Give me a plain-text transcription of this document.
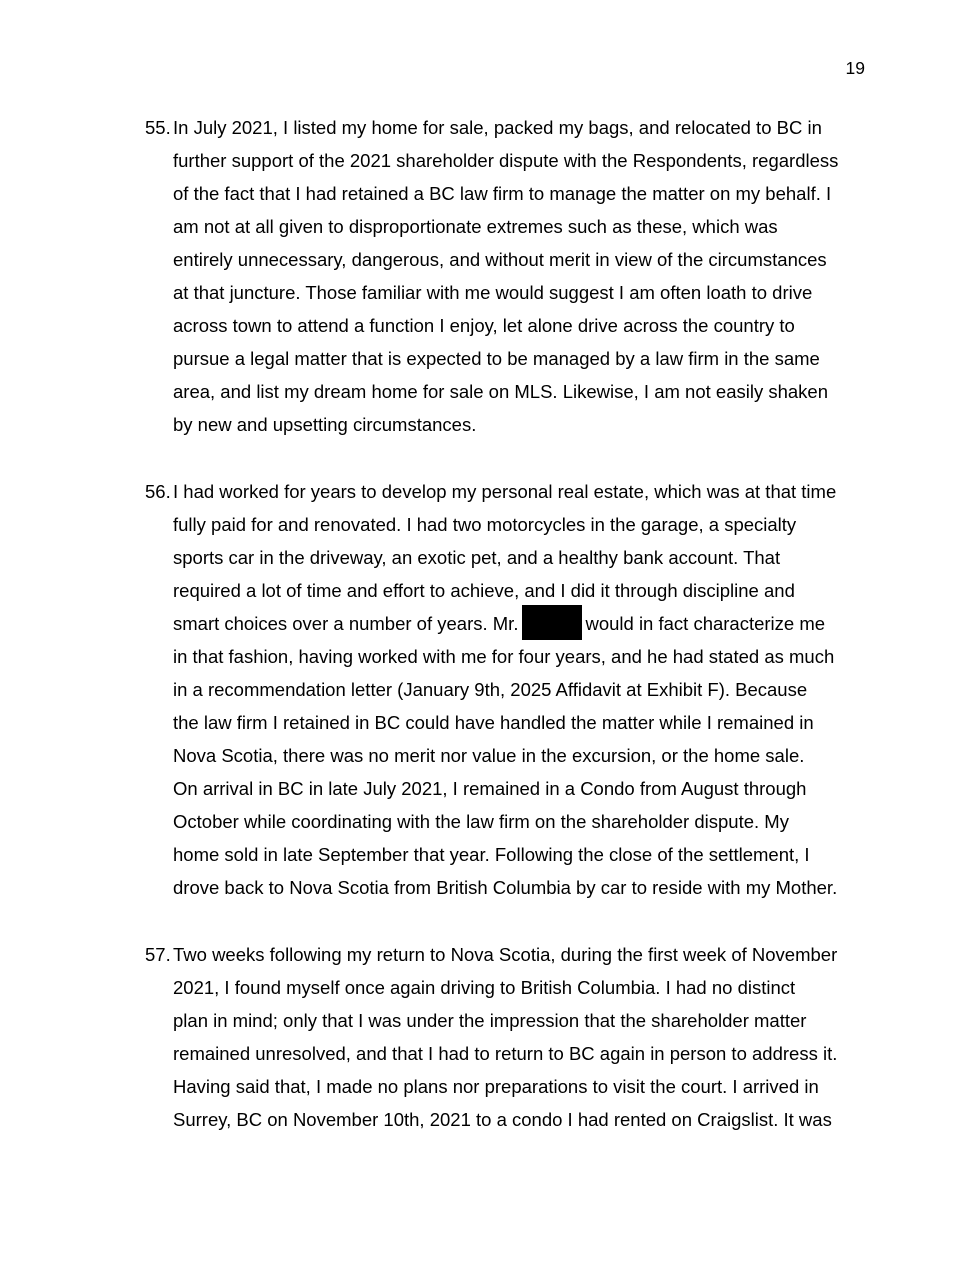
19
55. In July 2021, I listed my home for sale, packed my bags, and relocated to BC in
further support of the 2021 shareholder dispute with the Respondents, regardless
of the fact that I had retained a BC law firm to manage the matter on my behalf. I
am not at all given to disproportionate extremes such as these, which was
entirely unnecessary, dangerous, and without merit in view of the circumstances
at that juncture. Those familiar with me would suggest I am often loath to drive
across town to attend a function I enjoy, let alone drive across the country to
pursue a legal matter that is expected to be managed by a law firm in the same
area, and list my dream home for sale on MLS. Likewise, I am not easily shaken
by new and upsetting circumstances.
56. I had worked for years to develop my personal real estate, which was at that time
fully paid for and renovated. I had two motorcycles in the garage, a specialty
sports car in the driveway, an exotic pet, and a healthy bank account. That
required a lot of time and effort to achieve, and I did it through discipline and
smart choices over a number of years. Mr.	would in fact characterize me
in that fashion, having worked with me for four years, and he had stated as much
in a recommendation letter (January 9th, 2025 Affidavit at Exhibit F). Because
the law firm I retained in BC could have handled the matter while I remained in
Nova Scotia, there was no merit nor value in the excursion, or the home sale.
On arrival in BC in late July 2021, I remained in a Condo from August through
October while coordinating with the law firm on the shareholder dispute. My
home sold in late September that year. Following the close of the settlement, I
drove back to Nova Scotia from British Columbia by car to reside with my Mother.
57. Two weeks following my return to Nova Scotia, during the first week of November
2021, I found myself once again driving to British Columbia. I had no distinct
plan in mind; only that I was under the impression that the shareholder matter
remained unresolved, and that I had to return to BC again in person to address it.
Having said that, I made no plans nor preparations to visit the court. I arrived in
Surrey, BC on November 10th, 2021 to a condo I had rented on Craigslist. It was
